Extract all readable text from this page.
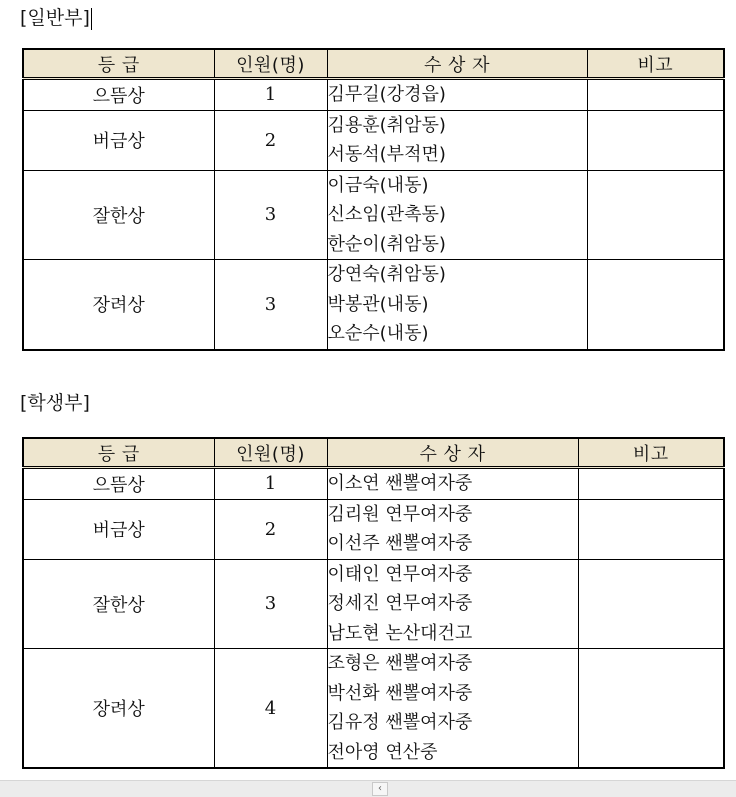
[일반부]
등 급	인원(명)	수 상 자	비고
으뜸상	1	김무길(강경읍)	

버금상	2	김용훈(취암동)
서동석(부적면)	

잘한상	3	이금숙(내동)
신소임(관촉동)
한순이(취암동)	

장려상	3	강연숙(취암동)
박봉관(내동)
오순수(내동)	

[학생부]
등 급	인원(명)	수 상 자	비고
으뜸상	1	이소연 쌘뽈여자중	

버금상	2	김리원 연무여자중
이선주 쌘뽈여자중	

잘한상	3	이태인 연무여자중
정세진 연무여자중
남도현 논산대건고	

장려상	4	조형은 쌘뽈여자중
박선화 쌘뽈여자중
김유정 쌘뽈여자중
전아영 연산중	

‹
